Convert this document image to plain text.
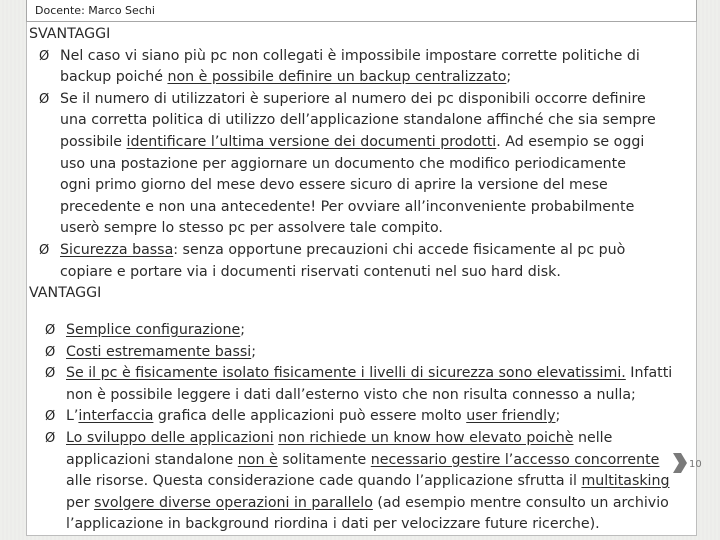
Docente: Marco Sechi
SVANTAGGI
Ø Nel caso vi siano più pc non collegati è impossibile impostare corrette politiche di
backup poiché non è possibile definire un backup centralizzato;
Ø Se il numero di utilizzatori è superiore al numero dei pc disponibili occorre definire
una corretta politica di utilizzo dell’applicazione standalone affinché che sia sempre
possibile identificare l’ultima versione dei documenti prodotti. Ad esempio se oggi
uso una postazione per aggiornare un documento che modifico periodicamente
ogni primo giorno del mese devo essere sicuro di aprire la versione del mese
precedente e non una antecedente! Per ovviare all’inconveniente probabilmente
userò sempre lo stesso pc per assolvere tale compito.
Ø Sicurezza bassa: senza opportune precauzioni chi accede fisicamente al pc può
copiare e portare via i documenti riservati contenuti nel suo hard disk.
VANTAGGI
Ø Semplice configurazione;
Ø Costi estremamente bassi;
Ø Se il pc è fisicamente isolato fisicamente i livelli di sicurezza sono elevatissimi. Infatti
non è possibile leggere i dati dall’esterno visto che non risulta connesso a nulla;
Ø L’interfaccia grafica delle applicazioni può essere molto user friendly;
Ø Lo sviluppo delle applicazioni non richiede un know how elevato poichè nelle
applicazioni standalone non è solitamente necessario gestire l’accesso concorrente
alle risorse. Questa considerazione cade quando l’applicazione sfrutta il multitasking
per svolgere diverse operazioni in parallelo (ad esempio mentre consulto un archivio
l’applicazione in background riordina i dati per velocizzare future ricerche).
10
